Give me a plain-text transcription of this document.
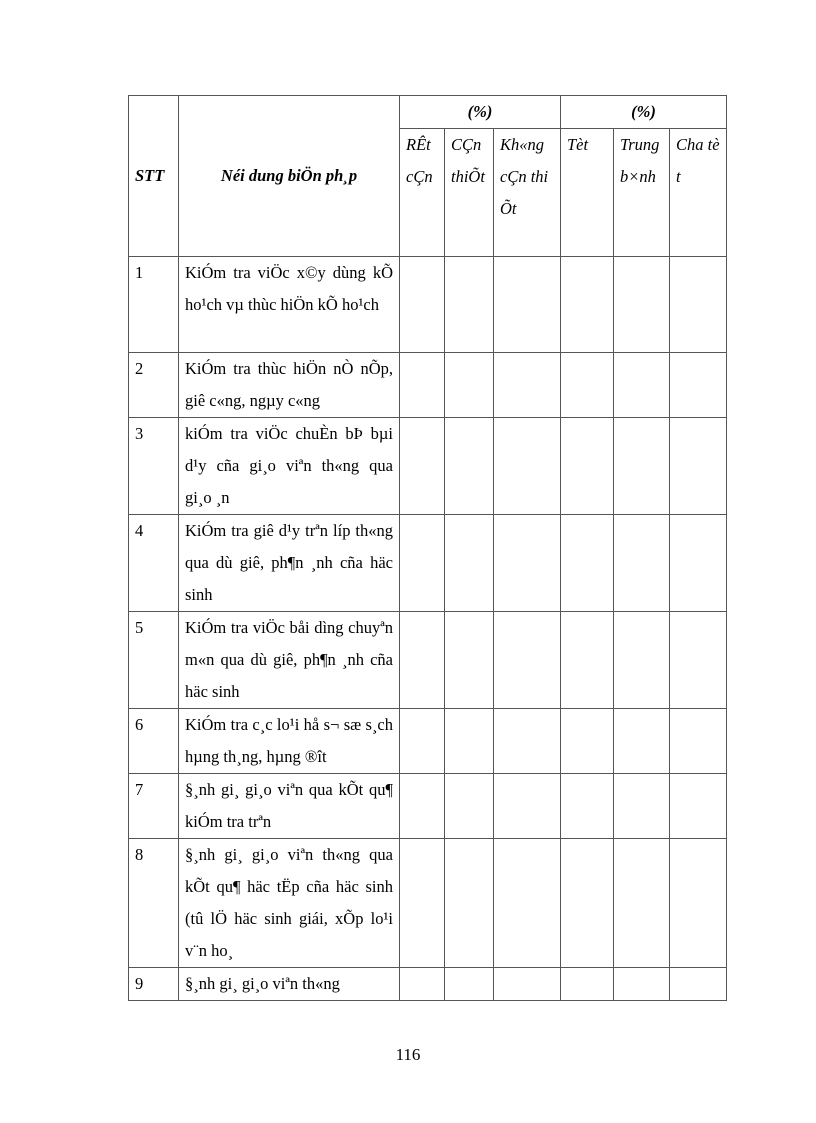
STT	Néi dung biÖn ph¸p	(%)			(%)		
		RÊt cÇn	CÇn thiÕt	Kh«ng cÇn thiÕt	Tèt	Trung b×nh	Cha tèt
1	KiÓm tra viÖc x©y dùng kÕ ho¹ch vµ thùc hiÖn kÕ ho¹ch						
2	KiÓm tra thùc hiÖn nÒ nÕp, giê c«ng, ngµy c«ng						
3	kiÓm tra viÖc chuÈn bÞ bµi d¹y cña gi¸o viªn th«ng qua gi¸o ¸n						
4	KiÓm tra giê d¹y trªn líp th«ng qua dù giê, ph¶n ¸nh cña häc sinh						
5	KiÓm tra viÖc båi dìng chuyªn m«n qua dù giê, ph¶n ¸nh cña häc sinh						
6	KiÓm tra c¸c lo¹i hå s¬ sæ s¸ch hµng th¸ng, hµng ®ît						
7	§¸nh gi¸ gi¸o viªn qua kÕt qu¶ kiÓm tra trªn						
8	§¸nh gi¸ gi¸o viªn th«ng qua kÕt qu¶ häc tËp cña häc sinh (tû lÖ häc sinh giái, xÕp lo¹i v¨n ho¸						
9	§¸nh gi¸ gi¸o viªn th«ng						
116
